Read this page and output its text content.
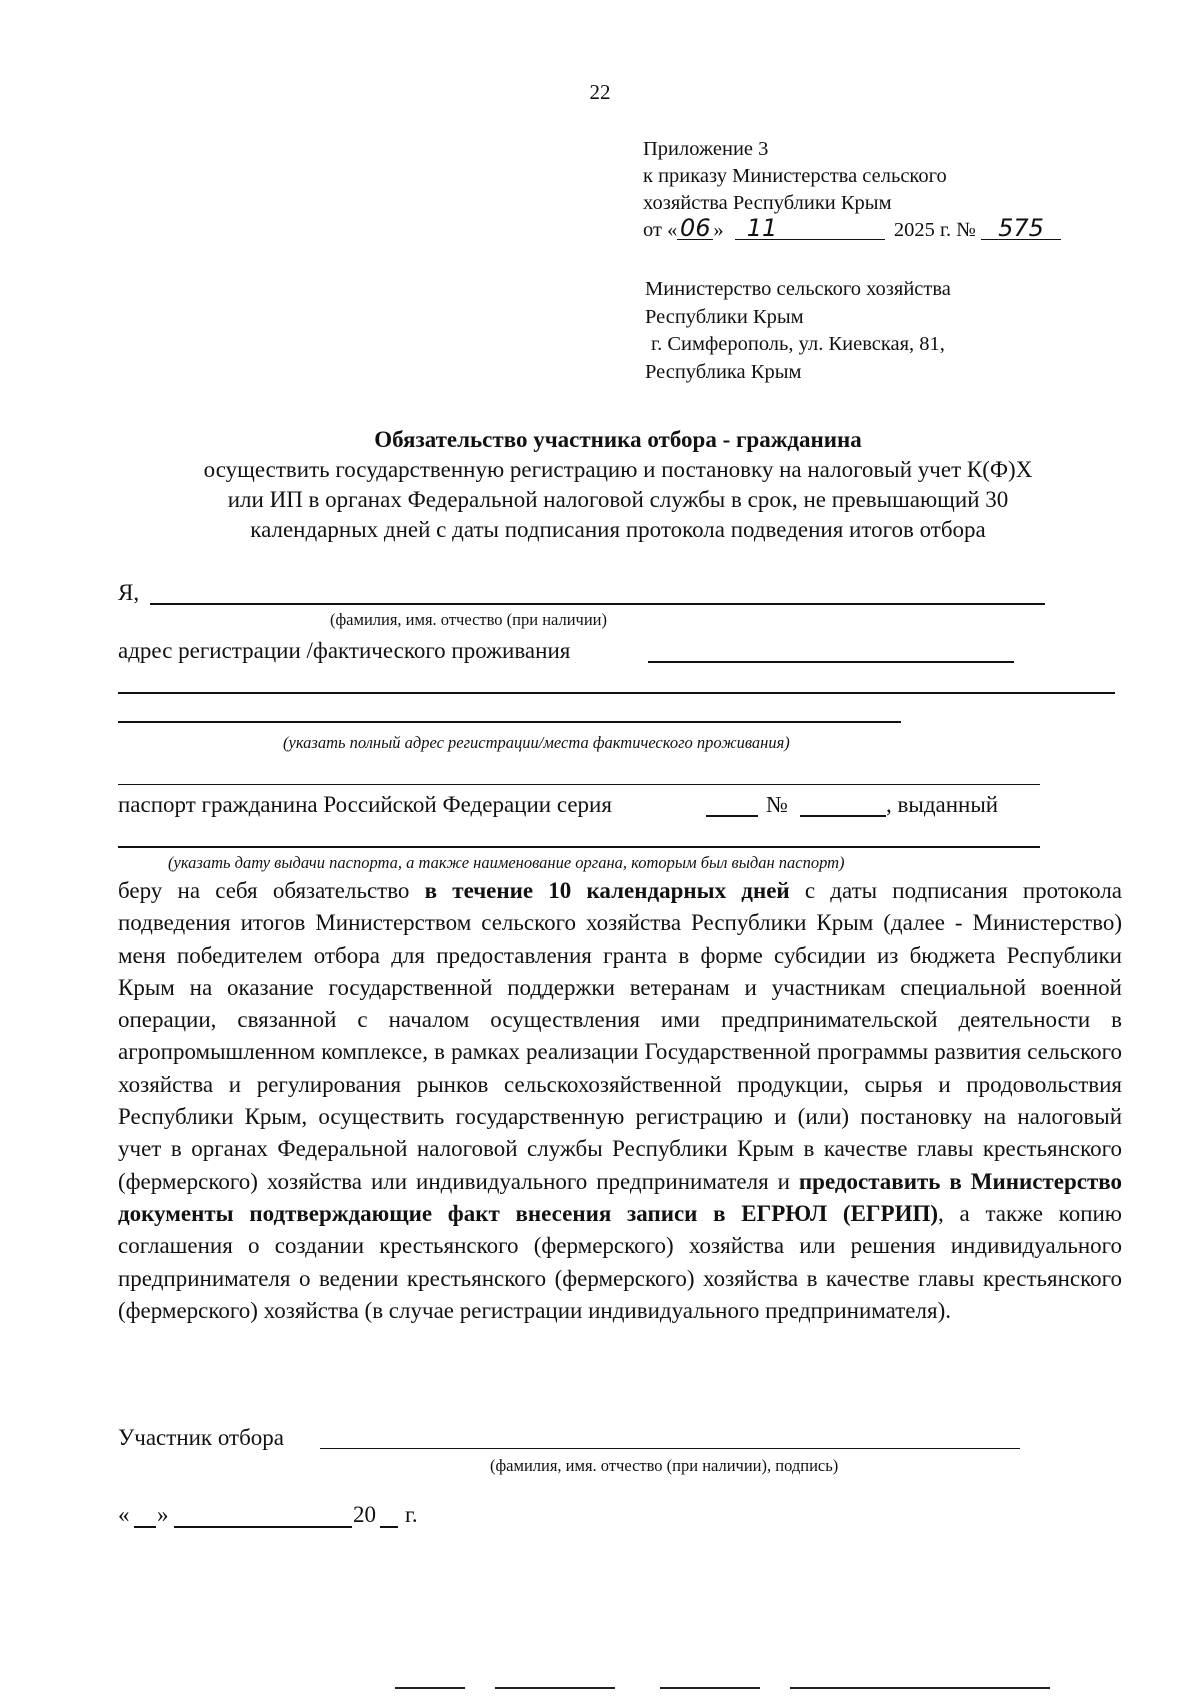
22
Приложение 3
к приказу Министерства сельского
хозяйства Республики Крым
от « 06 » 11	2025 г. № 575
Министерство сельского хозяйства
Республики Крым
г. Симферополь, ул. Киевская, 81,
Республика Крым
Обязательство участника отбора - гражданина
осуществить государственную регистрацию и постановку на налоговый учет К(Ф)Х
или ИП в органах Федеральной налоговой службы в срок, не превышающий 30
календарных дней с даты подписания протокола подведения итогов отбора
Я,
(фамилия, имя. отчество (при наличии)
адрес регистрации /фактического проживания
(указать полный адрес регистрации/места фактического проживания)
паспорт гражданина Российской Федерации серия	№	, выданный
(указать дату выдачи паспорта, а также наименование органа, которым был выдан паспорт)
беру на себя обязательство в течение 10 календарных дней с даты подписания протокола подведения итогов Министерством сельского хозяйства Республики Крым (далее - Министерство) меня победителем отбора для предоставления гранта в форме субсидии из бюджета Республики Крым на оказание государственной поддержки ветеранам и участникам специальной военной операции, связанной с началом осуществления ими предпринимательской деятельности в агропромышленном комплексе, в рамках реализации Государственной программы развития сельского хозяйства и регулирования рынков сельскохозяйственной продукции, сырья и продовольствия Республики Крым, осуществить государственную регистрацию и (или) постановку на налоговый учет в органах Федеральной налоговой службы Республики Крым в качестве главы крестьянского (фермерского) хозяйства или индивидуального предпринимателя и предоставить в Министерство документы подтверждающие факт внесения записи в ЕГРЮЛ (ЕГРИП), а также копию соглашения о создании крестьянского (фермерского) хозяйства или решения индивидуального предпринимателя о ведении крестьянского (фермерского) хозяйства в качестве главы крестьянского (фермерского) хозяйства (в случае регистрации индивидуального предпринимателя).
Участник отбора
(фамилия, имя. отчество (при наличии), подпись)
« »	20 г.
